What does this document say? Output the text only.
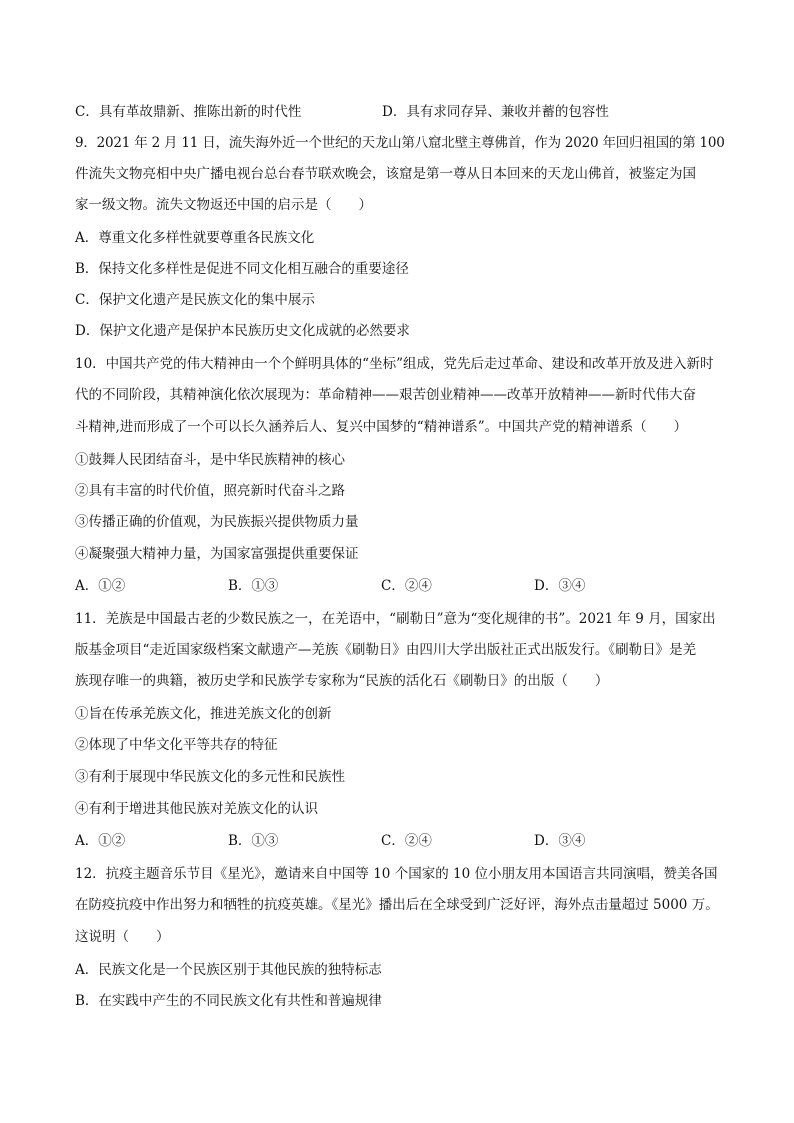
C．具有革故鼎新、推陈出新的时代性	D．具有求同存异、兼收并蓄的包容性
9．2021 年 2 月 11 日，流失海外近一个世纪的天龙山第八窟北壁主尊佛首，作为 2020 年回归祖国的第 100
件流失文物亮相中央广播电视台总台春节联欢晚会，该窟是第一尊从日本回来的天龙山佛首，被鉴定为国
家一级文物。流失文物返还中国的启示是（　　）
A．尊重文化多样性就要尊重各民族文化
B．保持文化多样性是促进不同文化相互融合的重要途径
C．保护文化遗产是民族文化的集中展示
D．保护文化遗产是保护本民族历史文化成就的必然要求
10．中国共产党的伟大精神由一个个鲜明具体的“坐标”组成，党先后走过革命、建设和改革开放及进入新时
代的不同阶段，其精神演化依次展现为：革命精神——艰苦创业精神——改革开放精神——新时代伟大奋
斗精神,进而形成了一个可以长久涵养后人、复兴中国梦的“精神谱系”。中国共产党的精神谱系（　　）
①鼓舞人民团结奋斗，是中华民族精神的核心
②具有丰富的时代价值，照亮新时代奋斗之路
③传播正确的价值观，为民族振兴提供物质力量
④凝聚强大精神力量，为国家富强提供重要保证
A．①②	B．①③	C．②④	D．③④
11．羌族是中国最古老的少数民族之一，在羌语中，“刷勒日”意为“变化规律的书”。2021 年 9 月，国家出
版基金项目“走近国家级档案文献遗产—羌族《刷勒日》由四川大学出版社正式出版发行。《刷勒日》是羌
族现存唯一的典籍，被历史学和民族学专家称为“民族的活化石《刷勒日》的出版（　　）
①旨在传承羌族文化，推进羌族文化的创新
②体现了中华文化平等共存的特征
③有利于展现中华民族文化的多元性和民族性
④有利于增进其他民族对羌族文化的认识
A．①②	B．①③	C．②④	D．③④
12．抗疫主题音乐节目《星光》，邀请来自中国等 10 个国家的 10 位小朋友用本国语言共同演唱，赞美各国
在防疫抗疫中作出努力和牺牲的抗疫英雄。《星光》播出后在全球受到广泛好评，海外点击量超过 5000 万。
这说明（　　）
A．民族文化是一个民族区别于其他民族的独特标志
B．在实践中产生的不同民族文化有共性和普遍规律
